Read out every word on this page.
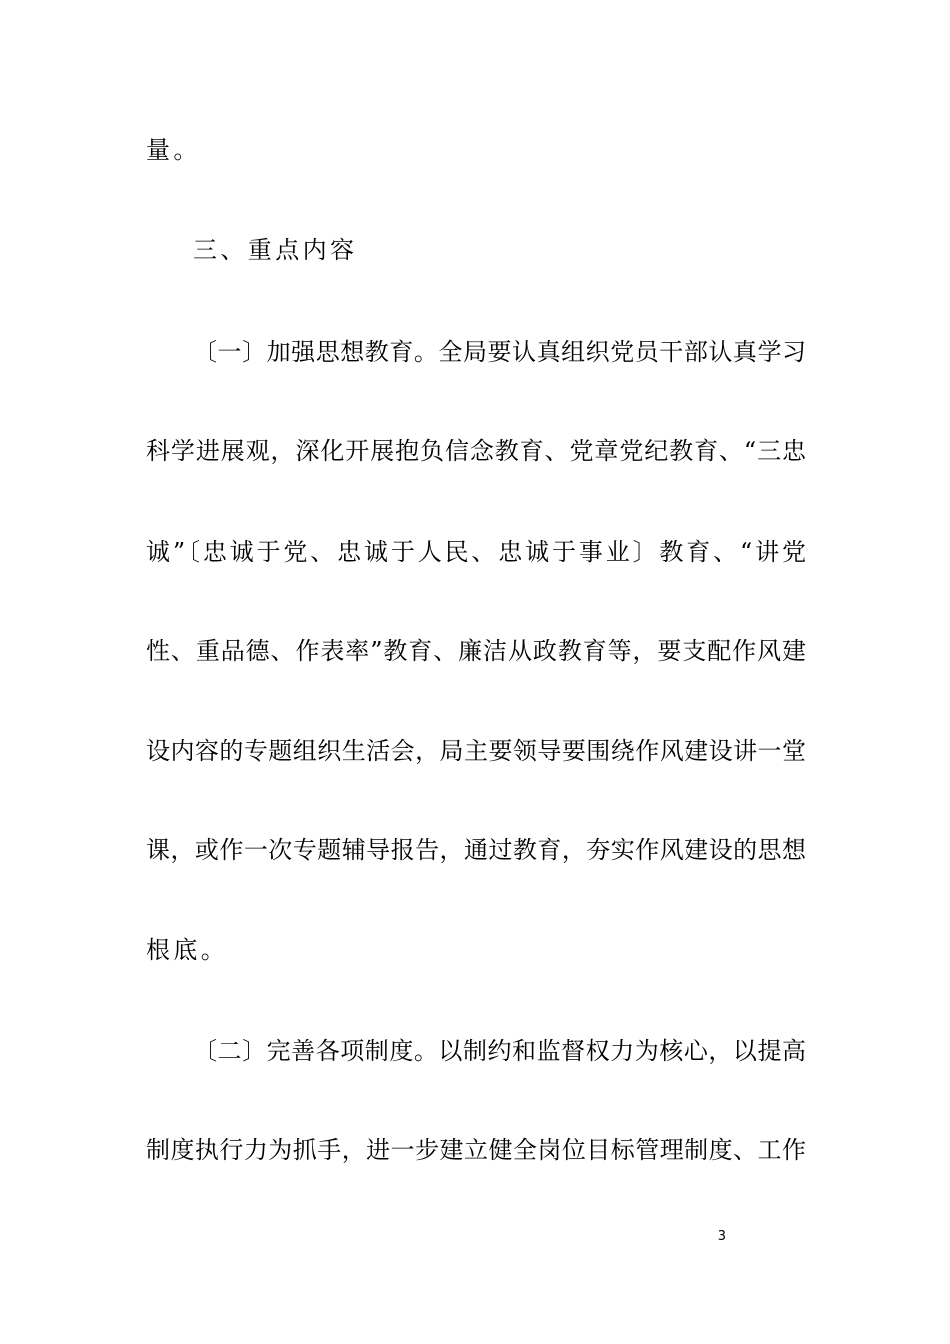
量。
三、重点内容
〔一〕加强思想教育。全局要认真组织党员干部认真学习
科学进展观，深化开展抱负信念教育、党章党纪教育、“三忠
诚”〔忠诚于党、忠诚于人民、忠诚于事业〕教育、“讲党
性、重品德、作表率”教育、廉洁从政教育等，要支配作风建
设内容的专题组织生活会，局主要领导要围绕作风建设讲一堂
课，或作一次专题辅导报告，通过教育，夯实作风建设的思想
根底。
〔二〕完善各项制度。以制约和监督权力为核心，以提高
制度执行力为抓手，进一步建立健全岗位目标管理制度、工作
3
